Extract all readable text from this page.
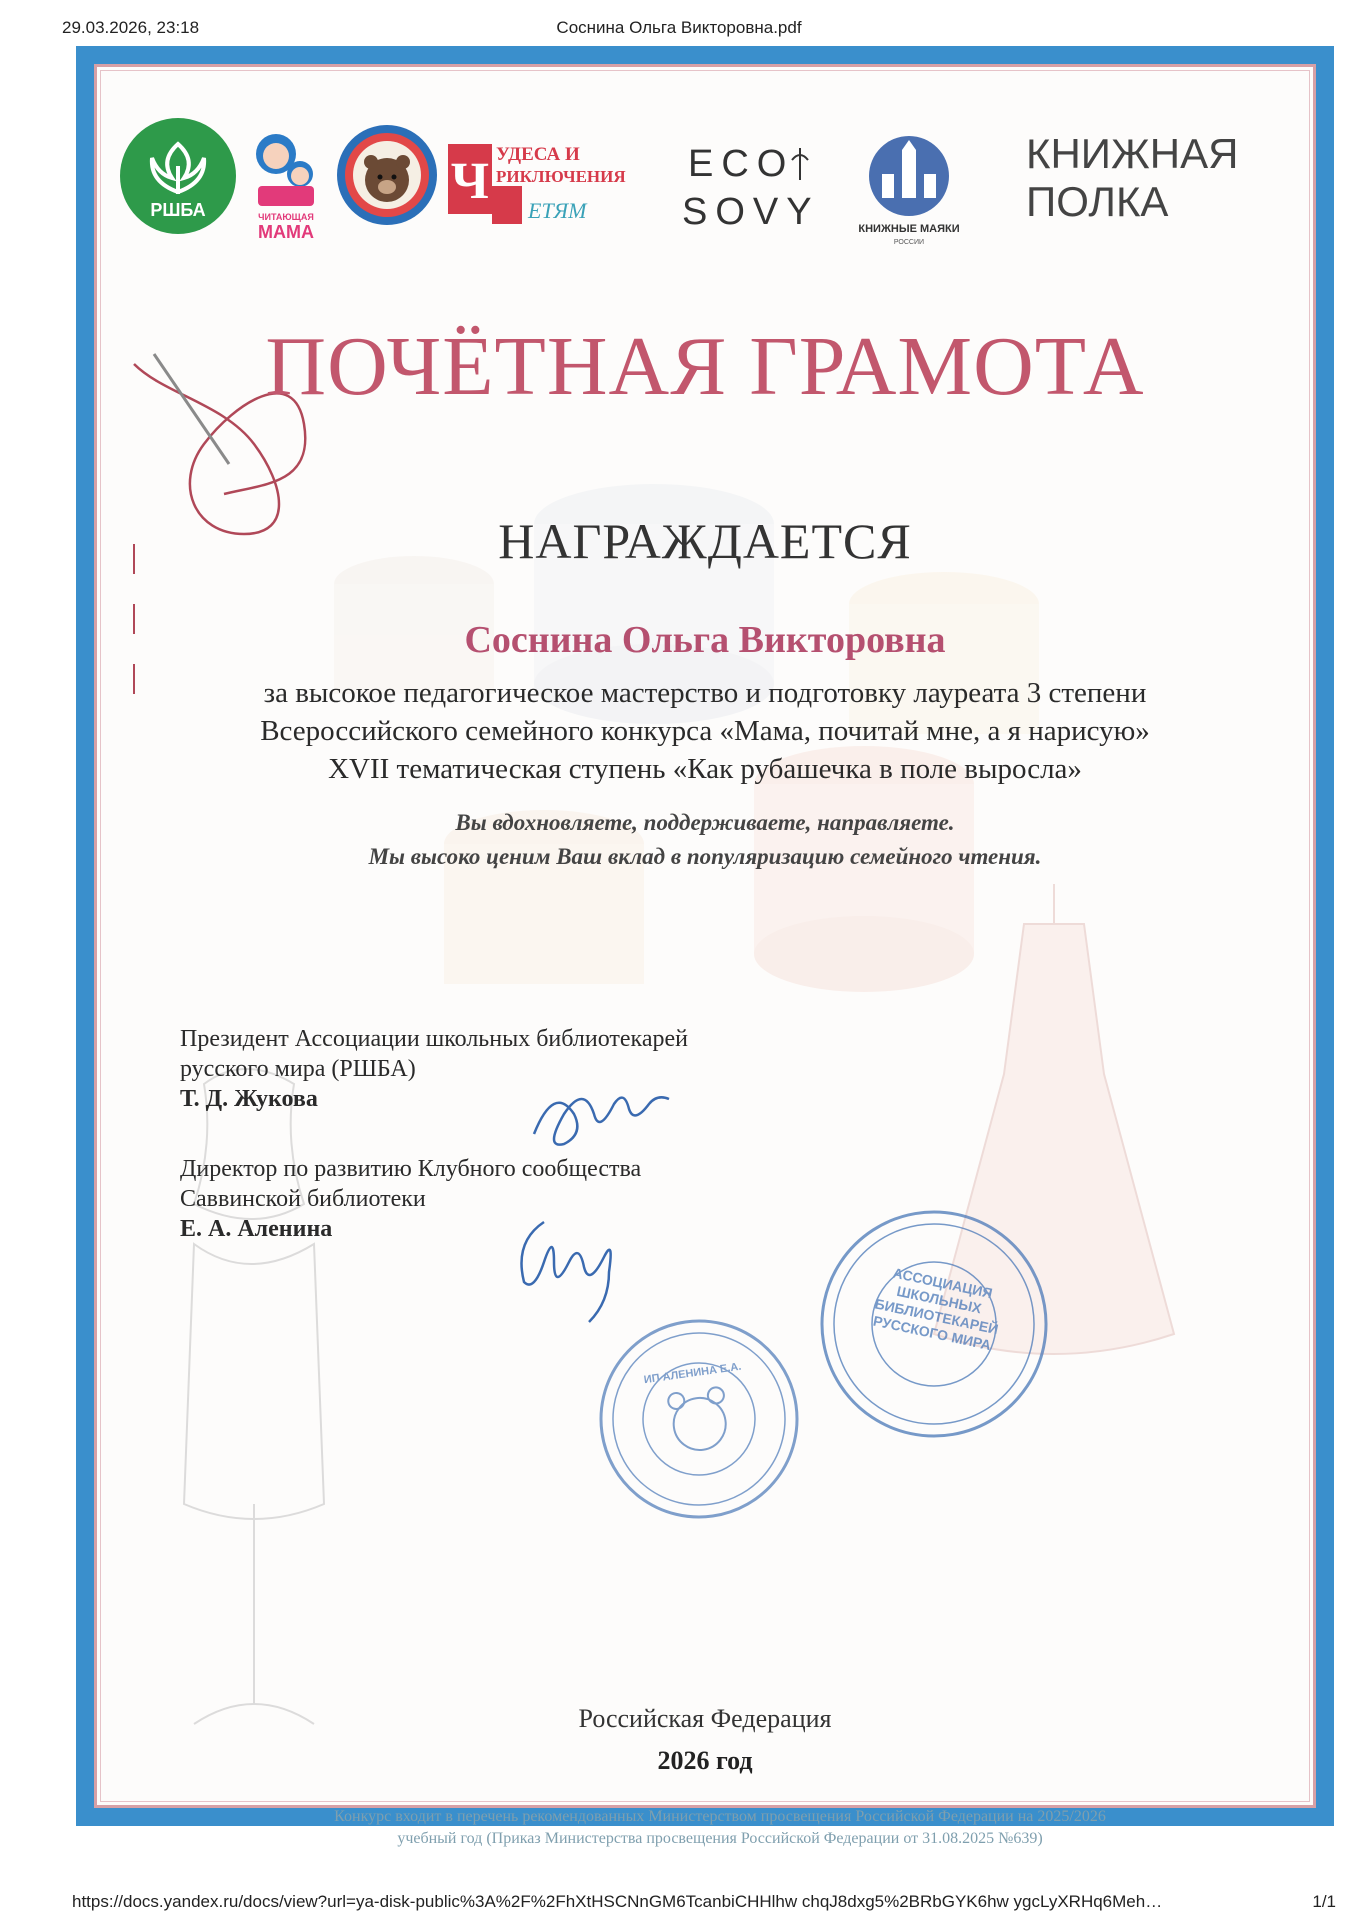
29.03.2026, 23:18	Соснина Ольга Викторовна.pdf
РШБА	ЧИТАЮЩАЯ
МАМА
Ч УДЕСА И
РИКЛЮЧЕНИЯ
ЕТЯМ
ECO
SOVY	КНИЖНЫЕ МАЯКИ
РОССИИ
КНИЖНАЯ
ПОЛКА
ПОЧЁТНАЯ ГРАМОТА
НАГРАЖДАЕТСЯ
Соснина Ольга Викторовна
за высокое педагогическое мастерство и подготовку лауреата 3 степени
Всероссийского семейного конкурса «Мама, почитай мне, а я нарисую»
XVII тематическая ступень «Как рубашечка в поле выросла»
Вы вдохновляете, поддерживаете, направляете.
Мы высоко ценим Ваш вклад в популяризацию семейного чтения.
Президент Ассоциации школьных библиотекарей
русского мира (РШБА)
Т. Д. Жукова
Директор по развитию Клубного сообщества
Саввинской библиотеки
Е. А. Аленина
АССОЦИАЦИЯ ШКОЛЬНЫХ БИБЛИОТЕКАРЕЙ РУССКОГО МИРА
ИП АЛЕНИНА Е.А.
Российская Федерация
2026 год
Конкурс входит в перечень рекомендованных Министерством просвещения Российской Федерации на 2025/2026
учебный год (Приказ Министерства просвещения Российской Федерации от 31.08.2025 №639)
https://docs.yandex.ru/docs/view?url=ya-disk-public%3A%2F%2FhXtHSCNnGM6TcanbiCHHlhw chqJ8dxg5%2BRbGYK6hw ygcLyXRHq6Meh…	1/1
